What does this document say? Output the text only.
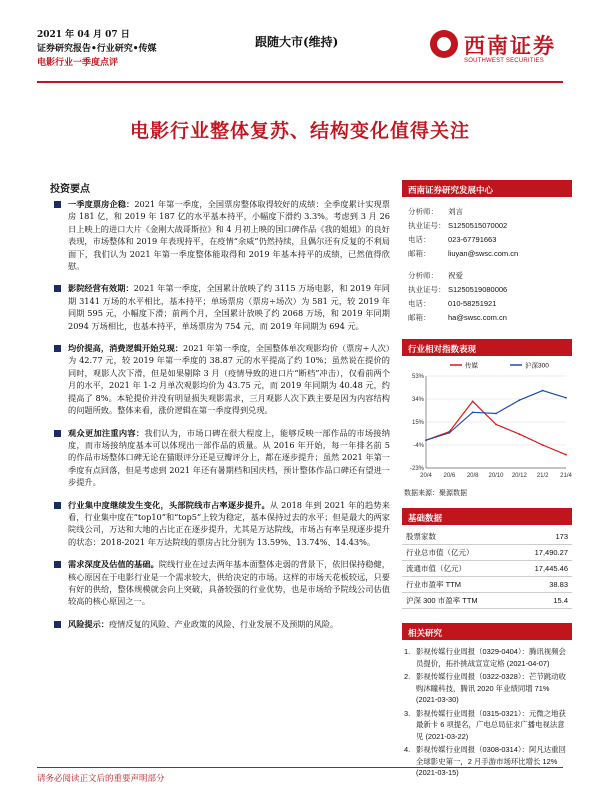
2021 年 04 月 07 日
证券研究报告•行业研究•传媒
电影行业一季度点评
跟随大市(维持)	西南证券
SOUTHWEST SECURITIES
电影行业整体复苏、结构变化值得关注
投资要点
一季度票房企稳：2021 年第一季度，全国票房整体取得较好的成绩：全季度累计实现票房 181 亿，和 2019 年 187 亿的水平基本持平，小幅度下滑约 3.3%。考虑到 3 月 26 日上映上的进口大片《金刚大战哥斯拉》和 4 月初上映的国口碑作品《我的姐姐》的良好表现，市场整体和 2019 年表现持平，在疫情“余威”仍然持续，且偶尔还有反复的不利局面下，我们认为 2021 年第一季度整体能取得和 2019 年基本持平的成绩，已然值得欣慰。
影院经营有效期：2021 年第一季度，全国累计放映了约 3115 万场电影，和 2019 年同期 3141 万场的水平相比，基本持平；单场票房（票房÷场次）为 581 元，较 2019 年同期 595 元，小幅度下滑；前两个月，全国累计放映了约 2068 万场，和 2019 年同期 2094 万场相比，也基本持平，单场票房为 754 元，而 2019 年同期为 694 元。
均价提高，消费逻辑开始兑现：2021 年第一季度，全国整体单次观影均价（票房÷人次）为 42.77 元，较 2019 年第一季度的 38.87 元的水平提高了约 10%；虽然说在提价的同时，观影人次下滑，但是如果剔除 3 月（疫情导致的进口片“断档”冲击），仅看前两个月的水平，2021 年 1-2 月单次观影均价为 43.75 元，而 2019 年同期为 40.48 元，约提高了 8%。本轮提价并没有明显损失观影需求，三月观影人次下跌主要是因为内容结构的问题所致。整体来看，涨价逻辑在第一季度得到兑现。
观众更加注重内容：我们认为，市场口碑在很大程度上，能够反映一部作品的市场接纳度，而市场接纳度基本可以体现出一部作品的质量。从 2016 年开始，每一年排名前 5 的作品市场整体口碑无论在猫眼评分还是豆瓣评分上，都在逐步提升；虽然 2021 年第一季度有点回落，但是考虑到 2021 年还有暑期档和国庆档，预计整体作品口碑还有望进一步提升。
行业集中度继续发生变化，头部院线市占率逐步提升。从 2018 年到 2021 年的趋势来看，行业集中度在“top10”和“top5”上较为稳定，基本保持过去的水平；但是最大的两家院线公司，万达和大地的占比正在逐步提升，尤其是万达院线，市场占有率呈现逐步提升的状态：2018-2021 年万达院线的票房占比分别为 13.59%、13.74%、14.43%。
需求深度及估值的基础。院线行业在过去两年基本面整体走弱的背景下，依旧保持稳健，核心原因在于电影行业是一个需求较大，供给决定的市场。这样的市场天花板较远，只要有好的供给，整体规模就会向上突破，具备较强的行业优势，也是市场给予院线公司估值较高的核心原因之一。
风险提示：疫情反复的风险、产业政策的风险、行业发展不及预期的风险。
西南证券研究发展中心
分析师：	刘言
执业证号： S1250515070002
电话：	023-67791663
邮箱：	liuyan@swsc.com.cn
分析师：	祝爱
执业证号： S1250519080006
电话：	010-58251921
邮箱：	ha@swsc.com.cn
行业相对指数表现
53%
34%
15%
-4%
-23%
20/4 20/6 20/8 20/10 20/12 21/2 21/4
传媒	沪深300
数据来源：聚源数据
基础数据
股票家数	173
行业总市值（亿元）	17,490.27
流通市值（亿元）	17,445.46
行业市盈率 TTM	38.83
沪深 300 市盈率 TTM	15.4
相关研究
1. 影视传媒行业周报（0329-0404）：腾讯视频会员提价，拓扑挑战宣宣定格 (2021-04-07)
2. 影视传媒行业周报（0322-0328）：芒节跳动收购沐瞳科技，腾讯 2020 年业绩同增 71% (2021-03-30)
3. 影视传媒行业周报（0315-0321）：元微之地获最新卡 6 项提名，广电总局征求广播电视法意见 (2021-03-22)
4. 影视传媒行业周报（0308-0314）：阿凡达重回全球影史第一，2 月手游市场环比增长 12% (2021-03-15)
请务必阅读正文后的重要声明部分
